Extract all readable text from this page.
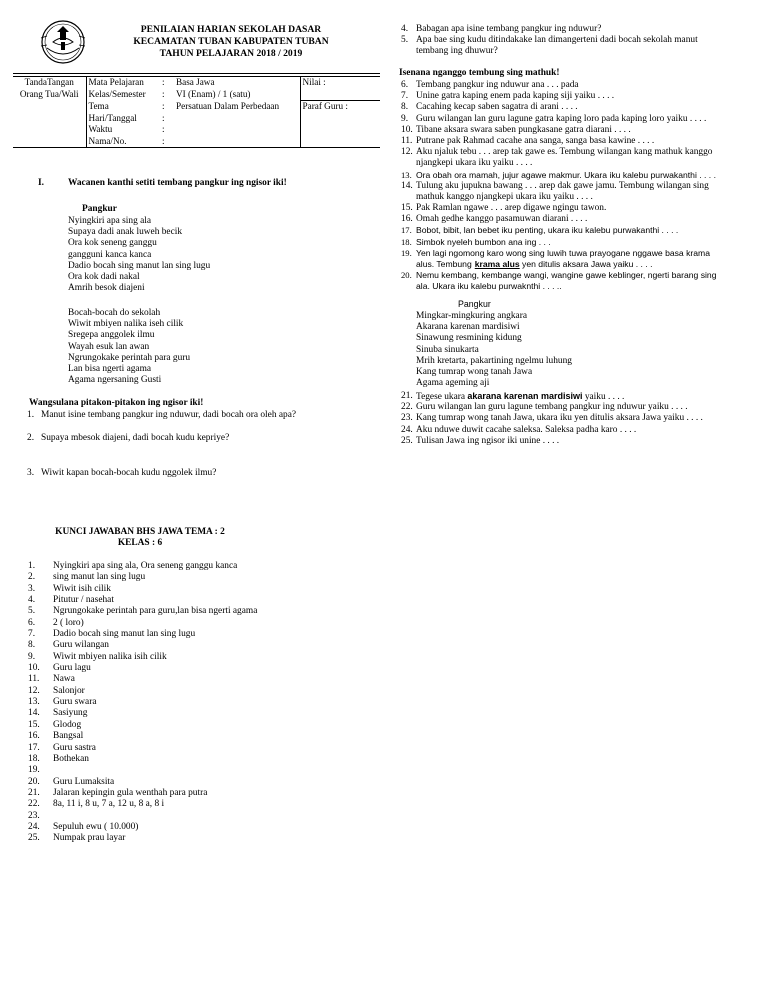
PENILAIAN HARIAN SEKOLAH DASAR
KECAMATAN TUBAN KABUPATEN TUBAN
TAHUN PELAJARAN 2018 / 2019
TandaTangan	Mata Pelajaran	:	Basa Jawa	Nilai :
Orang Tua/Wali	Kelas/Semester	:	VI (Enam) / 1 (satu)	
	Tema	:	Persatuan Dalam Perbedaan	Paraf Guru :
	Hari/Tanggal	:		
	Waktu	:		
	Nama/No.	:		
I.	Wacanen kanthi setiti tembang pangkur ing ngisor iki!
Pangkur
Nyingkiri apa sing ala
Supaya dadi anak luweh becik
Ora kok seneng ganggu
gangguni kanca kanca
Dadio bocah sing manut lan sing lugu
Ora kok dadi nakal
Amrih besok diajeni
Bocah-bocah do sekolah
Wiwit mbiyen nalika iseh cilik
Sregepa anggolek ilmu
Wayah esuk lan awan
Ngrungokake perintah para guru
Lan bisa ngerti agama
Agama ngersaning Gusti
Wangsulana pitakon-pitakon ing ngisor iki!
1. Manut isine tembang pangkur ing nduwur, dadi bocah ora oleh apa?
2. Supaya mbesok diajeni, dadi bocah kudu kepriye?
3. Wiwit kapan bocah-bocah kudu nggolek ilmu?
KUNCI JAWABAN BHS JAWA TEMA : 2
KELAS : 6
1. Nyingkiri apa sing ala, Ora seneng ganggu kanca
2. sing manut lan sing lugu
3. Wiwit isih cilik
4. Pitutur / nasehat
5. Ngrungokake perintah para guru,lan bisa ngerti agama
6. 2 ( loro)
7. Dadio bocah sing manut lan sing lugu
8. Guru wilangan
9. Wiwit mbiyen nalika isih cilik
10. Guru lagu
11. Nawa
12. Salonjor
13. Guru swara
14. Sasiyung
15. Glodog
16. Bangsal
17. Guru sastra
18. Bothekan
19.
20. Guru Lumaksita
21. Jalaran kepingin gula wenthah para putra
22. 8a, 11 i, 8 u, 7 a, 12 u, 8 a, 8 i
23.
24. Sepuluh ewu ( 10.000)
25. Numpak prau layar
4. Babagan apa isine tembang pangkur ing nduwur?
5. Apa bae sing kudu ditindakake lan dimangerteni dadi bocah sekolah manut
tembang ing dhuwur?
Isenana nganggo tembung sing mathuk!
6. Tembang pangkur ing nduwur ana . . . pada
7. Unine gatra kaping enem pada kaping siji yaiku . . . .
8. Cacahing kecap saben sagatra di arani . . . .
9. Guru wilangan lan guru lagune gatra kaping loro pada kaping loro yaiku . . . .
10. Tibane aksara swara saben pungkasane gatra diarani . . . .
11. Putrane pak Rahmad cacahe ana sanga, sanga basa kawine . . . .
12. Aku njaluk tebu . . . arep tak gawe es. Tembung wilangan kang mathuk kanggo
njangkepi ukara iku yaiku . . . .
13. Ora obah ora mamah, jujur agawe makmur. Ukara iku kalebu purwakanthi . . . .
14. Tulung aku jupukna bawang . . . arep dak gawe jamu. Tembung wilangan sing
mathuk kanggo njangkepi ukara iku yaiku . . . .
15. Pak Ramlan ngawe . . . arep digawe ngingu tawon.
16. Omah gedhe kanggo pasamuwan diarani . . . .
17. Bobot, bibit, lan bebet iku penting, ukara iku kalebu purwakanthi . . . .
18. Simbok nyeleh bumbon ana ing . . .
19. Yen lagi ngomong karo wong sing luwih tuwa prayogane nggawe basa krama
alus. Tembung krama alus yen ditulis aksara Jawa yaiku . . . .
20. Nemu kembang, kembange wangi, wangine gawe keblinger, ngerti barang sing
ala. Ukara iku kalebu purwaknthi . . . ..
Pangkur
Mingkar-mingkuring angkara
Akarana karenan mardisiwi
Sinawung resmining kidung
Sinuba sinukarta
Mrih kretarta, pakartining ngelmu luhung
Kang tumrap wong tanah Jawa
Agama ageming aji
21. Tegese ukara akarana karenan mardisiwi yaiku . . . .
22. Guru wilangan lan guru lagune tembang pangkur ing nduwur yaiku . . . .
23. Kang tumrap wong tanah Jawa, ukara iku yen ditulis aksara Jawa yaiku . . . .
24. Aku nduwe duwit cacahe saleksa. Saleksa padha karo . . . .
25. Tulisan Jawa ing ngisor iki unine . . . .
